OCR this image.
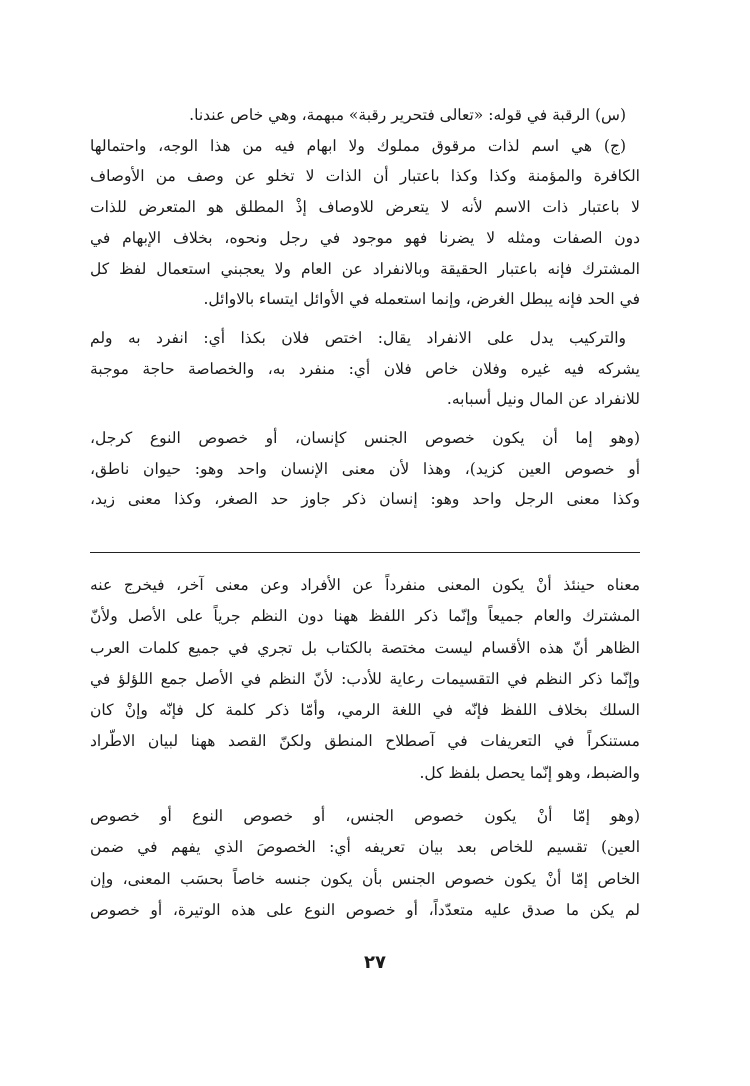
(س) الرقبة في قوله: «تعالى فتحرير رقبة» مبهمة، وهي خاص عندنا.

(ج) هي اسم لذات مرقوق مملوك ولا ابهام فيه من هذا الوجه، واحتمالها
الكافرة والمؤمنة وكذا وكذا باعتبار أن الذات لا تخلو عن وصف من الأوصاف
لا باعتبار ذات الاسم لأنه لا يتعرض للاوصاف إذْ المطلق هو المتعرض للذات
دون الصفات ومثله لا يضرنا فهو موجود في رجل ونحوه، بخلاف الإبهام في
المشترك فإنه باعتبار الحقيقة وبالانفراد عن العام ولا يعجبني استعمال لفظ كل
في الحد فإنه يبطل الغرض، وإنما استعمله في الأوائل ايتساء بالاوائل.

والتركيب يدل على الانفراد يقال: اختص فلان بكذا أي: انفرد به ولم
يشركه فيه غيره وفلان خاص فلان أي: منفرد به، والخصاصة حاجة موجبة
للانفراد عن المال ونيل أسبابه.

(وهو إما أن يكون خصوص الجنس كإنسان، أو خصوص النوع كرجل،
أو خصوص العين كزيد)، وهذا لأن معنى الإنسان واحد وهو: حيوان ناطق،
وكذا معنى الرجل واحد وهو: إنسان ذكر جاوز حد الصغر، وكذا معنى زيد،

معناه حينئذ أنْ يكون المعنى منفرداً عن الأفراد وعن معنى آخر، فيخرج عنه
المشترك والعام جميعاً وإنّما ذكر اللفظ ههنا دون النظم جرياً على الأصل ولأنّ
الظاهر أنّ هذه الأقسام ليست مختصة بالكتاب بل تجري في جميع كلمات العرب
وإنّما ذكر النظم في التقسيمات رعاية للأدب: لأنّ النظم في الأصل جمع اللؤلؤ في
السلك بخلاف اللفظ فإنّه في اللغة الرمي، وأمّا ذكر كلمة كل فإنّه وإنْ كان
مستنكراً في التعريفات في آصطلاح المنطق ولكنّ القصد ههنا لبيان الاطّراد
والضبط، وهو إنّما يحصل بلفظ كل.

(وهو إمّا أنْ يكون خصوص الجنس، أو خصوص النوع أو خصوص
العين) تقسيم للخاص بعد بيان تعريفه أي: الخصوصَ الذي يفهم في ضمن
الخاص إمّا أنْ يكون خصوص الجنس بأن يكون جنسه خاصاً بحسَب المعنى، وإن
لم يكن ما صدق عليه متعدّداً، أو خصوص النوع على هذه الوتيرة، أو خصوص

٢٧
